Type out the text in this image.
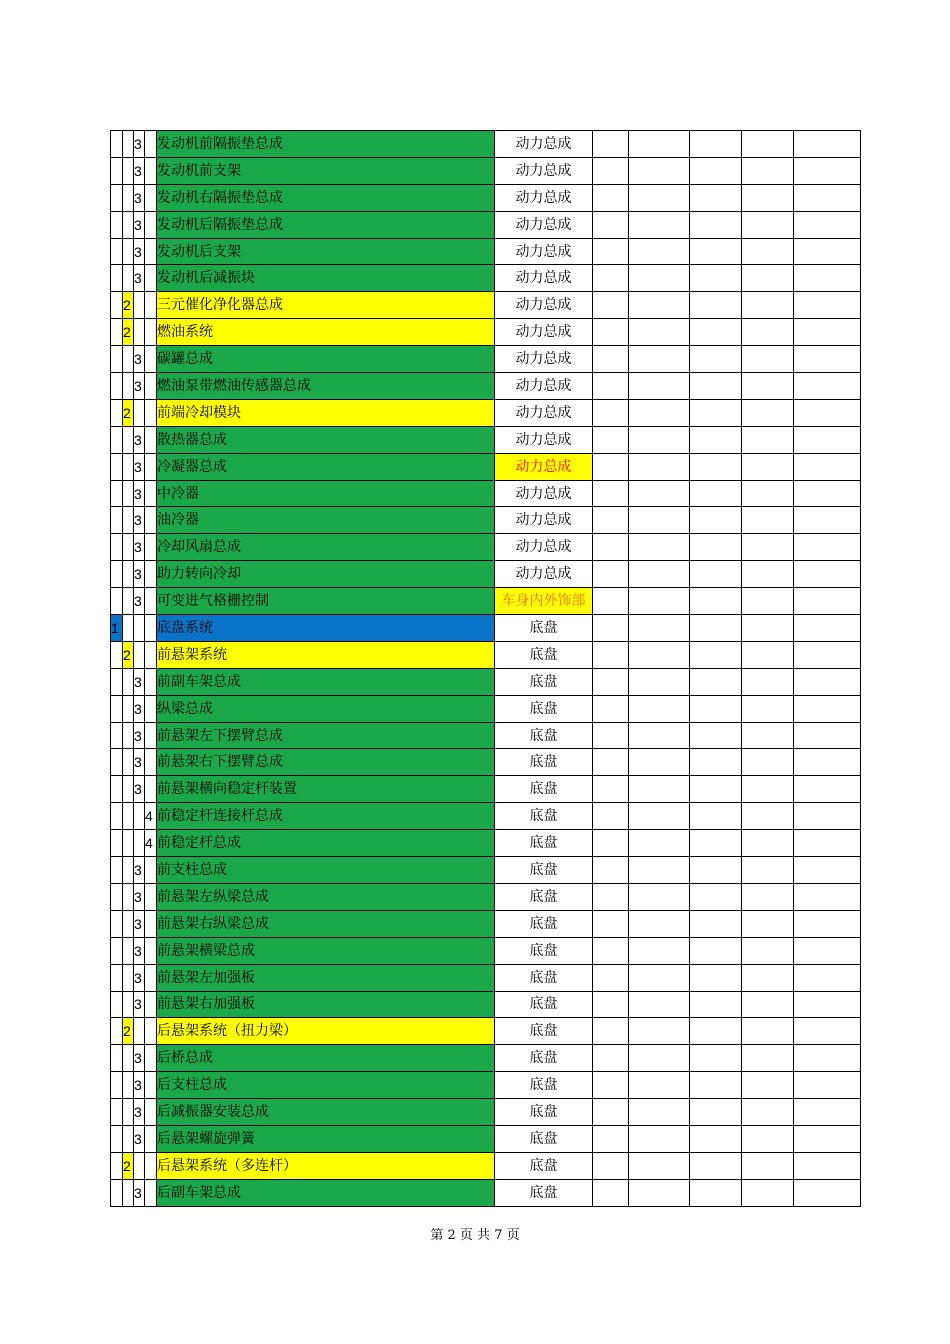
		3		发动机前隔振垫总成	动力总成					
		3		发动机前支架	动力总成					
		3		发动机右隔振垫总成	动力总成					
		3		发动机后隔振垫总成	动力总成					
		3		发动机后支架	动力总成					
		3		发动机后减振块	动力总成					
	2			三元催化净化器总成	动力总成					
	2			燃油系统	动力总成					
		3		碳罐总成	动力总成					
		3		燃油泵带燃油传感器总成	动力总成					
	2			前端冷却模块	动力总成					
		3		散热器总成	动力总成					
		3		冷凝器总成	动力总成					
		3		中冷器	动力总成					
		3		油冷器	动力总成					
		3		冷却风扇总成	动力总成					
		3		助力转向冷却	动力总成					
		3		可变进气格栅控制	车身内外饰部					
1				底盘系统	底盘					
	2			前悬架系统	底盘					
		3		前副车架总成	底盘					
		3		纵梁总成	底盘					
		3		前悬架左下摆臂总成	底盘					
		3		前悬架右下摆臂总成	底盘					
		3		前悬架横向稳定杆装置	底盘					
			4	前稳定杆连接杆总成	底盘					
			4	前稳定杆总成	底盘					
		3		前支柱总成	底盘					
		3		前悬架左纵梁总成	底盘					
		3		前悬架右纵梁总成	底盘					
		3		前悬架横梁总成	底盘					
		3		前悬架左加强板	底盘					
		3		前悬架右加强板	底盘					
	2			后悬架系统（扭力梁）	底盘					
		3		后桥总成	底盘					
		3		后支柱总成	底盘					
		3		后减振器安装总成	底盘					
		3		后悬架螺旋弹簧	底盘					
	2			后悬架系统（多连杆）	底盘					
		3		后副车架总成	底盘					
第 2 页 共 7 页
